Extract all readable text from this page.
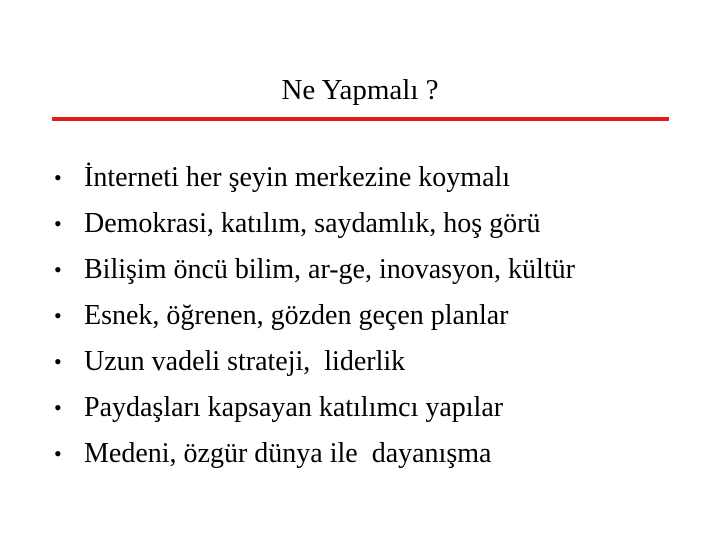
Ne Yapmalı ?
• İnterneti her şeyin merkezine koymalı
• Demokrasi, katılım, saydamlık, hoş görü
• Bilişim öncü bilim, ar-ge, inovasyon, kültür
• Esnek, öğrenen, gözden geçen planlar
• Uzun vadeli strateji,  liderlik
• Paydaşları kapsayan katılımcı yapılar
• Medeni, özgür dünya ile  dayanışma
